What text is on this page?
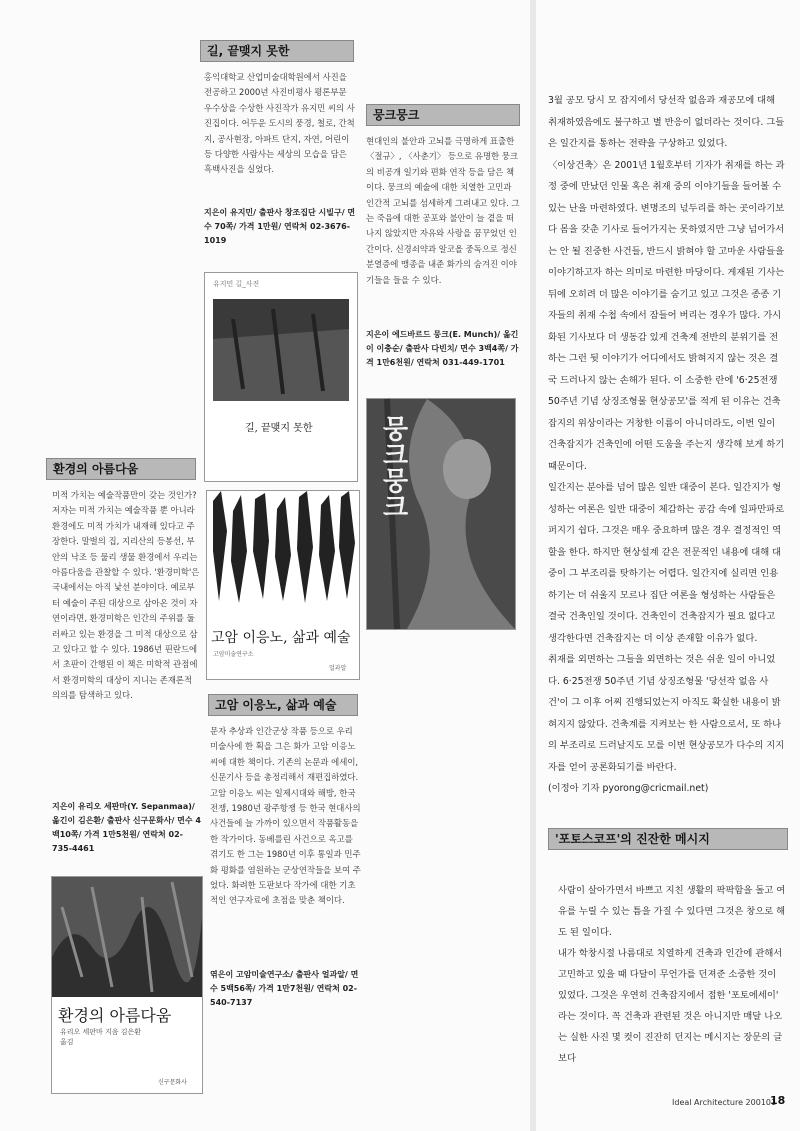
환경의 아름다움
미적 가치는 예술작품만이 갖는 것인가? 저자는 미적 가치는 예술작품 뿐 아니라 환경에도 미적 가치가 내재해 있다고 주장한다. 말벌의 집, 지리산의 등봉선, 부안의 낙조 등 물리 생물 환경에서 우리는 아름다움을 관찰할 수 있다. '환경미학'은 국내에서는 아직 낯선 분야이다. 예로부터 예술이 주된 대상으로 삼아온 것이 자연이라면, 환경미학은 인간의 주위를 둘러싸고 있는 환경을 그 미적 대상으로 삼고 있다고 할 수 있다. 1986년 핀란드에서 초판이 간행된 이 책은 미학적 관점에서 환경미학의 대상이 지니는 존재론적 의의를 탐색하고 있다.
지은이 유리오 세판마(Y. Sepanmaa)/ 옮긴이 김은환/ 출판사 신구문화사/ 면수 4백10쪽/ 가격 1만5천원/ 연락처 02-735-4461
환경의 아름다움
유리오 세판마 지음 김은환 옮김
신구문화사
길, 끝맺지 못한
홍익대학교 산업미술대학원에서 사진을 전공하고 2000년 사진비평사 평론부문 우수상을 수상한 사진작가 유지민 씨의 사진집이다. 어두운 도시의 풍경, 철로, 간척지, 공사현장, 아파트 단지, 자연, 어린이 등 다양한 사람사는 세상의 모습을 담은 흑백사진을 실었다.
지은이 유지민/ 출판사 창조집단 시빌구/ 면수 70쪽/ 가격 1만원/ 연락처 02-3676-1019
유지민 길_사진
길, 끝맺지 못한
고암 이응노, 삶과 예술
고암미술연구소
얼과알
고암 이응노, 삶과 예술
문자 추상과 인간군상 작품 등으로 우리 미술사에 한 획을 그은 화가 고암 이응노 씨에 대한 책이다. 기존의 논문과 에세이, 신문기사 등을 총정리해서 재편집하였다. 고암 이응노 씨는 일제시대와 해방, 한국전쟁, 1980년 광주항쟁 등 한국 현대사의 사건들에 늘 가까이 있으면서 작품활동을 한 작가이다. 동베를린 사건으로 옥고를 겪기도 한 그는 1980년 이후 통일과 민주화 평화를 염원하는 군상연작들을 보여 주었다. 화려한 도판보다 작가에 대한 기초적인 연구자료에 초점을 맞춘 책이다.
엮은이 고암미술연구소/ 출판사 얼과알/ 면수 5백56쪽/ 가격 1만7천원/ 연락처 02-540-7137
뭉크뭉크
현대인의 불안과 고뇌를 극명하게 표출한 〈절규〉, 〈사춘기〉 등으로 유명한 뭉크의 비공개 일기와 편화 연작 등을 담은 책이다. 뭉크의 예술에 대한 치열한 고민과 인간적 고뇌를 섬세하게 그려내고 있다. 그는 죽음에 대한 공포와 불안이 늘 곁을 떠나지 않았지만 자유와 사랑을 꿈꾸었던 인간이다. 신경쇠약과 알코올 중독으로 정신분열증에 맹종을 내준 화가의 숨겨진 이야기들을 들을 수 있다.
지은이 에드바르드 뭉크(E. Munch)/ 옮긴이 이충순/ 출판사 다빈치/ 면수 3백4쪽/ 가격 1만6천원/ 연락처 031-449-1701
뭉크뭉크

3월 공모 당시 모 잡지에서 당선작 없음과 재공모에 대해 취재하였음에도 불구하고 별 반응이 없더라는 것이다. 그들은 일간지를 통하는 전략을 구상하고 있었다.

〈이상건축〉은 2001년 1월호부터 기자가 취재를 하는 과정 중에 만났던 인물 혹은 취재 중의 이야기들을 들어볼 수 있는 난을 마련하였다. 변명조의 넋두리를 하는 곳이라기보다 몸을 갖춘 기사로 들어가지는 못하였지만 그냥 넘어가서는 안 될 진중한 사건들, 반드시 밝혀야 할 고마운 사람들을 이야기하고자 하는 의미로 마련한 마당이다. 게재된 기사는 뒤에 오히려 더 많은 이야기를 숨기고 있고 그것은 종종 기자들의 취재 수첩 속에서 잠들어 버리는 경우가 많다. 가시화된 기사보다 더 생동감 있게 건축계 전반의 분위기를 전하는 그런 뒷 이야기가 어디에서도 밝혀지지 않는 것은 결국 드러나지 않는 손해가 된다. 이 소중한 란에 '6·25전쟁 50주년 기념 상징조형물 현상공모'를 적게 된 이유는 건축잡지의 위상이라는 거창한 이름이 아니더라도, 이번 일이 건축잡지가 건축인에 어떤 도움을 주는지 생각해 보게 하기 때문이다.

일간지는 분야를 넘어 많은 일반 대중이 본다. 일간지가 형성하는 여론은 일반 대중이 체감하는 공감 속에 일파만파로 퍼지기 쉽다. 그것은 매우 중요하며 많은 경우 결정적인 역할을 한다. 하지만 현상설계 같은 전문적인 내용에 대해 대중이 그 부조리를 탓하기는 어렵다. 일간지에 실리면 인용하기는 더 쉬울지 모르나 집단 여론을 형성하는 사람들은 결국 건축인일 것이다. 건축인이 건축잡지가 필요 없다고 생각한다면 건축잡지는 더 이상 존재할 이유가 없다.

취재를 외면하는 그들을 외면하는 것은 쉬운 일이 아니었다. 6·25전쟁 50주년 기념 상징조형물 '당선작 없음 사건'이 그 이후 어찌 진행되었는지 아직도 확실한 내용이 밝혀지지 않았다. 건축계를 지켜보는 한 사람으로서, 또 하나의 부조리로 드러날지도 모를 이번 현상공모가 다수의 지지자를 얻어 공론화되기를 바란다.

(이정아 기자 pyorong@cricmail.net)

'포토스코프'의 진잔한 메시지

사람이 살아가면서 바쁘고 지친 생활의 팍팍함을 돌고 여유를 누릴 수 있는 틈을 가질 수 있다면 그것은 창으로 해도 된 일이다.

내가 학창시절 나름대로 치열하게 건축과 인간에 관해서 고민하고 있을 때 다달이 무언가를 던져준 소중한 것이 있었다. 그것은 우연히 건축잡지에서 접한 '포토에세이' 라는 것이다. 꼭 건축과 관련된 것은 아니지만 매달 나오는 실한 사진 몇 컷이 진잔히 던지는 메시지는 장문의 글보다

Ideal Architecture 200101
18
